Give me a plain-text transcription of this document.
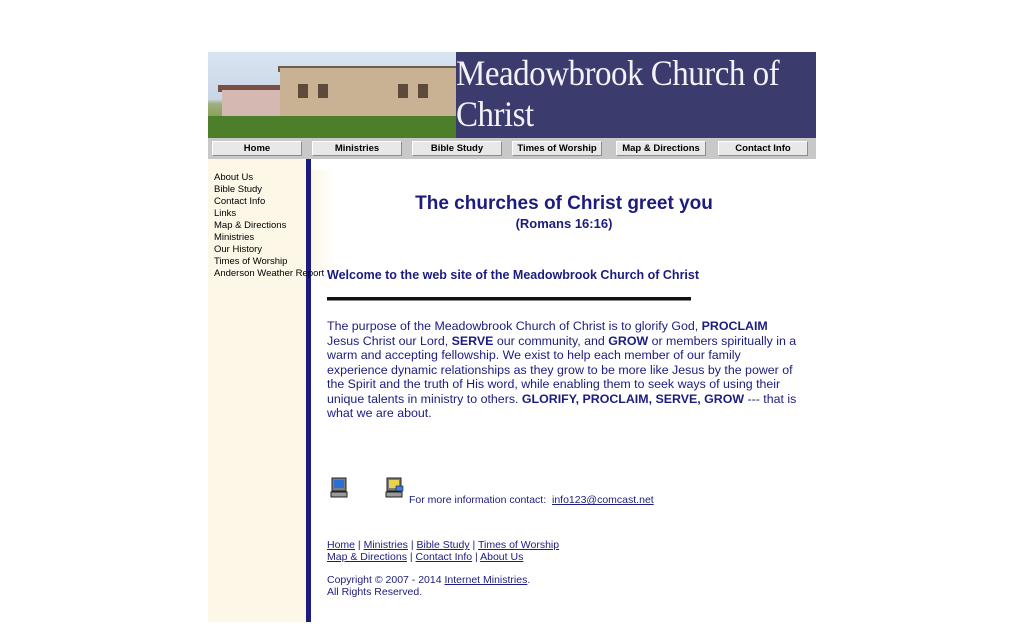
Meadowbrook Church of Christ
Home	Ministries	Bible Study	Times of Worship	Map & Directions	Contact Info
About Us
Bible Study
Contact Info
Links
Map & Directions
Ministries
Our History
Times of Worship
Anderson Weather Report
The churches of Christ greet you
(Romans 16:16)
Welcome to the web site of the Meadowbrook Church of Christ
The purpose of the Meadowbrook Church of Christ is to glorify God, PROCLAIM Jesus Christ our Lord, SERVE our community, and GROW or members spiritually in a warm and accepting fellowship. We exist to help each member of our family experience dynamic relationships as they grow to be more like Jesus by the power of the Spirit and the truth of His word, while enabling them to seek ways of using their unique talents in ministry to others. GLORIFY, PROCLAIM, SERVE, GROW --- that is what we are about.
For more information contact: info123@comcast.net
Home | Ministries | Bible Study | Times of Worship
Map & Directions | Contact Info | About Us
Copyright © 2007 - 2014 Internet Ministries.
All Rights Reserved.
